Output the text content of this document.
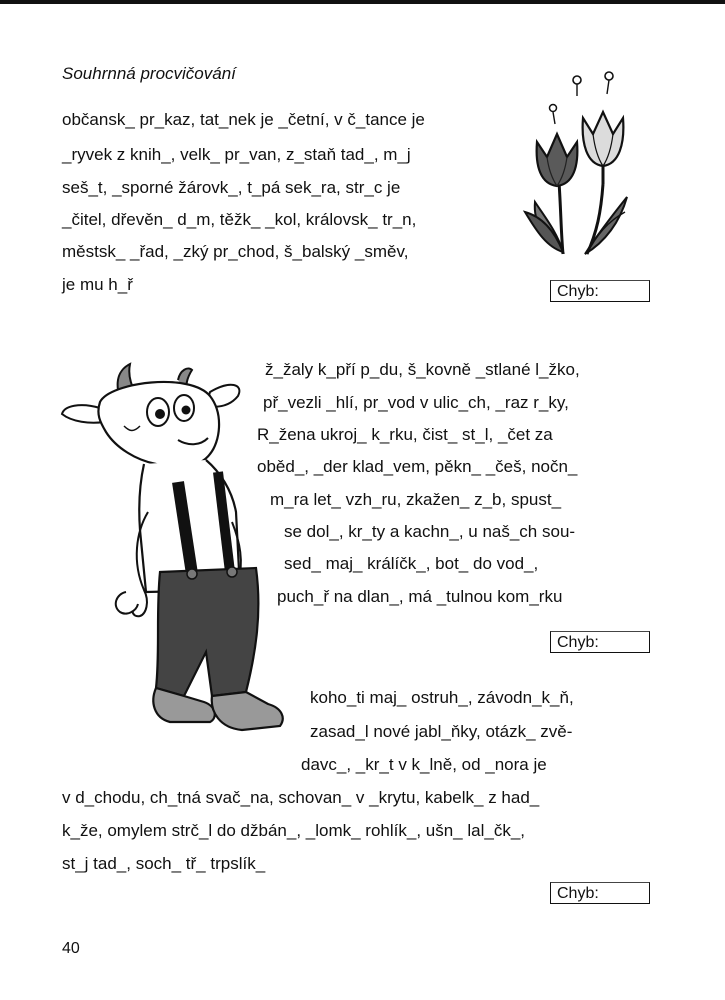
Souhrnná procvičování
občansk_ pr_kaz, tat_nek je _četní, v č_tance je
_ryvek z knih_, velk_ pr_van, z_staň tad_, m_j
seš_t, _sporné žárovk_, t_pá sek_ra, str_c je
_čitel, dřevěn_ d_m, těžk_ _kol, královsk_ tr_n,
městsk_ _řad, _zký pr_chod, š_balský _směv,
je mu h_ř	Chyb:
ž_žaly k_pří p_du, š_kovně _stlané l_žko,
př_vezli _hlí, pr_vod v ulic_ch, _raz r_ky,
R_žena ukroj_ k_rku, čist_ st_l, _čet za
oběd_, _der klad_vem, pěkn_ _češ, nočn_
m_ra let_ vzh_ru, zkažen_ z_b, spust_
se dol_, kr_ty a kachn_, u naš_ch sou-
sed_ maj_ králíčk_, bot_ do vod_,
puch_ř na dlan_, má _tulnou kom_rku
Chyb:
koho_ti maj_ ostruh_, závodn_k_ň,
zasad_l nové jabl_ňky, otázk_ zvě-
davc_, _kr_t v k_lně, od _nora je
v d_chodu, ch_tná svač_na, schovan_ v _krytu, kabelk_ z had_
k_že, omylem strč_l do džbán_, _lomk_ rohlík_, ušn_ lal_čk_,
st_j tad_, soch_ tř_ trpslík_
Chyb:
40
